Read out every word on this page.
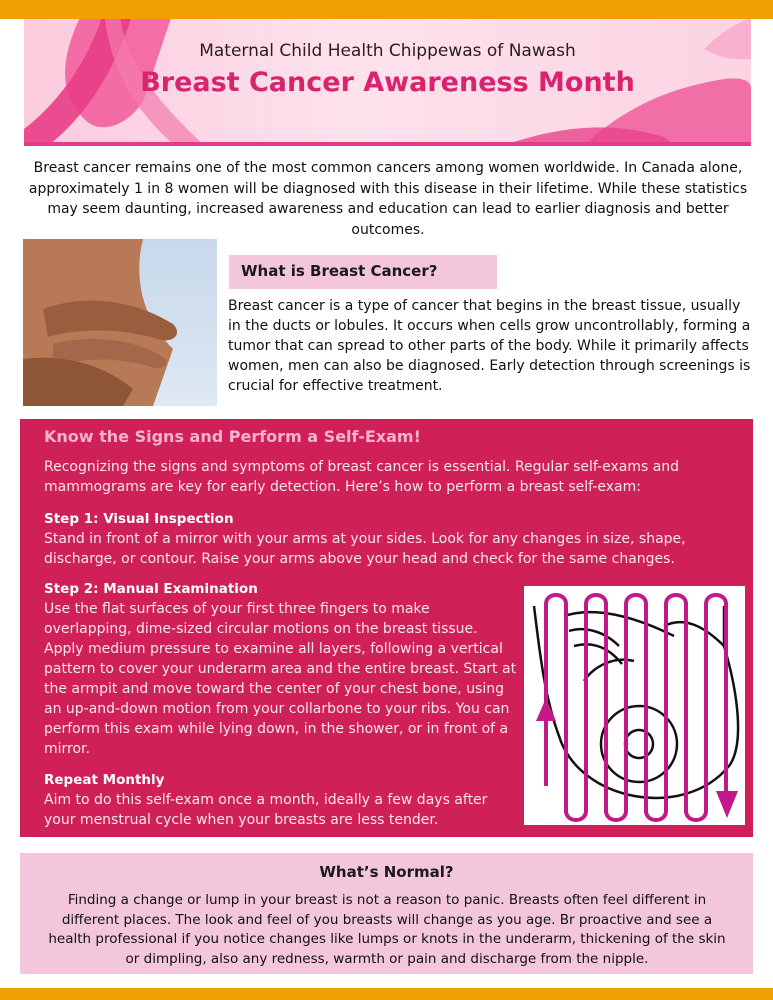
Maternal Child Health Chippewas of Nawash
Breast Cancer Awareness Month

Breast cancer remains one of the most common cancers among women worldwide. In Canada alone, approximately 1 in 8 women will be diagnosed with this disease in their lifetime. While these statistics may seem daunting, increased awareness and education can lead to earlier diagnosis and better outcomes.

What is Breast Cancer?

Breast cancer is a type of cancer that begins in the breast tissue, usually in the ducts or lobules. It occurs when cells grow uncontrollably, forming a tumor that can spread to other parts of the body. While it primarily affects women, men can also be diagnosed. Early detection through screenings is crucial for effective treatment.

Know the Signs and Perform a Self-Exam!

Recognizing the signs and symptoms of breast cancer is essential. Regular self-exams and mammograms are key for early detection. Here’s how to perform a breast self-exam:

Step 1: Visual Inspection

Stand in front of a mirror with your arms at your sides. Look for any changes in size, shape, discharge, or contour. Raise your arms above your head and check for the same changes.

Step 2: Manual Examination

Use the flat surfaces of your first three fingers to make overlapping, dime-sized circular motions on the breast tissue. Apply medium pressure to examine all layers, following a vertical pattern to cover your underarm area and the entire breast. Start at the armpit and move toward the center of your chest bone, using an up-and-down motion from your collarbone to your ribs. You can perform this exam while lying down, in the shower, or in front of a mirror.

Repeat Monthly

Aim to do this self-exam once a month, ideally a few days after your menstrual cycle when your breasts are less tender.

What’s Normal?

Finding a change or lump in your breast is not a reason to panic. Breasts often feel different in different places. The look and feel of you breasts will change as you age. Br proactive and see a health professional if you notice changes like lumps or knots in the underarm, thickening of the skin or dimpling, also any redness, warmth or pain and discharge from the nipple.
